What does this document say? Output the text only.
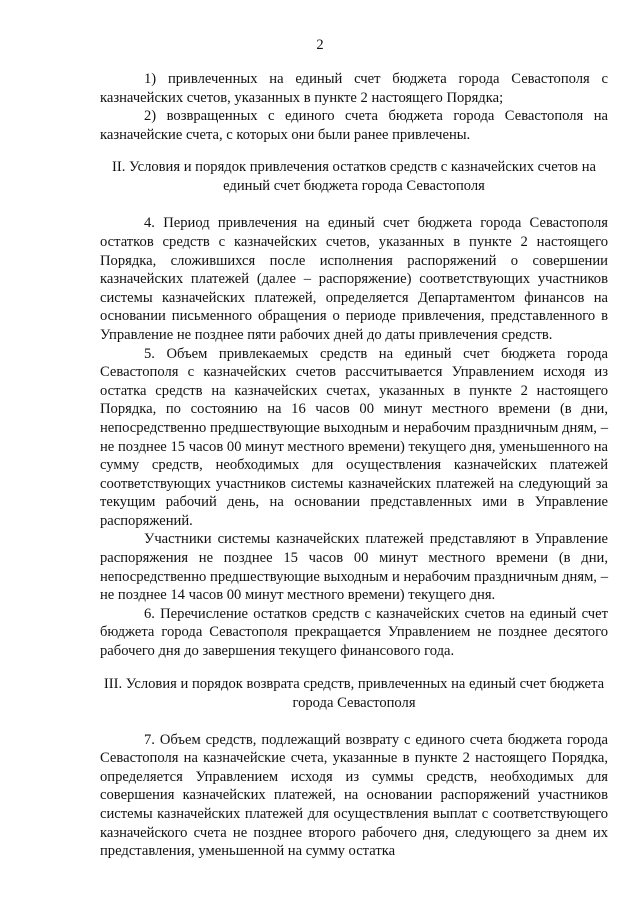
2

1) привлеченных на единый счет бюджета города Севастополя с казначейских счетов, указанных в пункте 2 настоящего Порядка;

2) возвращенных с единого счета бюджета города Севастополя на казначейские счета, с которых они были ранее привлечены.

II. Условия и порядок привлечения остатков средств с казначейских счетов на единый счет бюджета города Севастополя

4. Период привлечения на единый счет бюджета города Севастополя остатков средств с казначейских счетов, указанных в пункте 2 настоящего Порядка, сложившихся после исполнения распоряжений о совершении казначейских платежей (далее – распоряжение) соответствующих участников системы казначейских платежей, определяется Департаментом финансов на основании письменного обращения о периоде привлечения, представленного в Управление не позднее пяти рабочих дней до даты привлечения средств.

5. Объем привлекаемых средств на единый счет бюджета города Севастополя с казначейских счетов рассчитывается Управлением исходя из остатка средств на казначейских счетах, указанных в пункте 2 настоящего Порядка, по состоянию на 16 часов 00 минут местного времени (в дни, непосредственно предшествующие выходным и нерабочим праздничным дням, – не позднее 15 часов 00 минут местного времени) текущего дня, уменьшенного на сумму средств, необходимых для осуществления казначейских платежей соответствующих участников системы казначейских платежей на следующий за текущим рабочий день, на основании представленных ими в Управление распоряжений.

Участники системы казначейских платежей представляют в Управление распоряжения не позднее 15 часов 00 минут местного времени (в дни, непосредственно предшествующие выходным и нерабочим праздничным дням, – не позднее 14 часов 00 минут местного времени) текущего дня.

6. Перечисление остатков средств с казначейских счетов на единый счет бюджета города Севастополя прекращается Управлением не позднее десятого рабочего дня до завершения текущего финансового года.

III. Условия и порядок возврата средств, привлеченных на единый счет бюджета города Севастополя

7. Объем средств, подлежащий возврату с единого счета бюджета города Севастополя на казначейские счета, указанные в пункте 2 настоящего Порядка, определяется Управлением исходя из суммы средств, необходимых для совершения казначейских платежей, на основании распоряжений участников системы казначейских платежей для осуществления выплат с соответствующего казначейского счета не позднее второго рабочего дня, следующего за днем их представления, уменьшенной на сумму остатка
